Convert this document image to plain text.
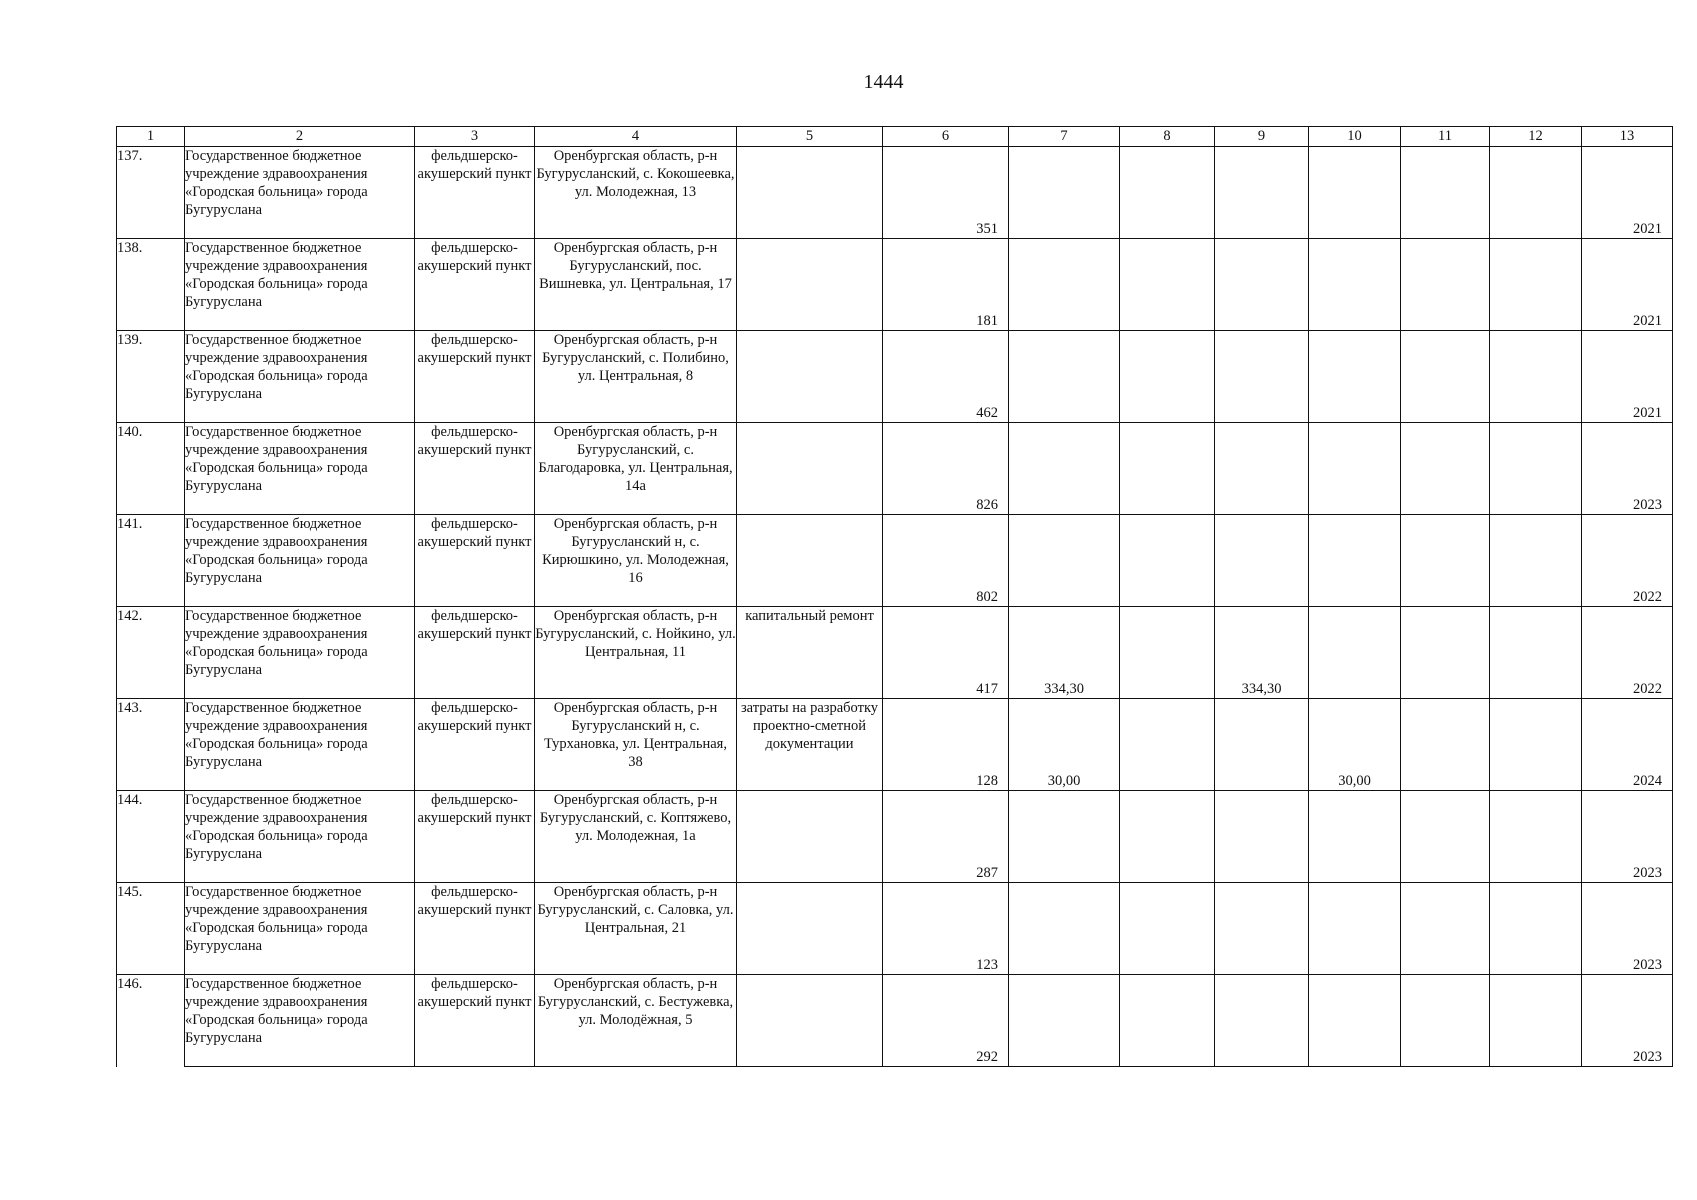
1444
1	2	3	4	5	6	7	8	9	10	11	12	13
137.	Государственное бюджетное учреждение здравоохранения «Городская больница» города Бугуруслана	фельдшерско-акушерский пункт	Оренбургская область, р-н Бугурусланский, с. Кокошеевка, ул. Молодежная, 13		351							2021

138.	Государственное бюджетное учреждение здравоохранения «Городская больница» города Бугуруслана	фельдшерско-акушерский пункт	Оренбургская область, р-н Бугурусланский, пос. Вишневка, ул. Центральная, 17		181							2021

139.	Государственное бюджетное учреждение здравоохранения «Городская больница» города Бугуруслана	фельдшерско-акушерский пункт	Оренбургская область, р-н Бугурусланский, с. Полибино, ул. Центральная, 8		462							2021

140.	Государственное бюджетное учреждение здравоохранения «Городская больница» города Бугуруслана	фельдшерско-акушерский пункт	Оренбургская область, р-н Бугурусланский, с. Благодаровка, ул. Центральная, 14а		826							2023

141.	Государственное бюджетное учреждение здравоохранения «Городская больница» города Бугуруслана	фельдшерско-акушерский пункт	Оренбургская область, р-н Бугурусланский н, с. Кирюшкино, ул. Молодежная, 16		802							2022

142.	Государственное бюджетное учреждение здравоохранения «Городская больница» города Бугуруслана	фельдшерско-акушерский пункт	Оренбургская область, р-н Бугурусланский, с. Нойкино, ул. Центральная, 11	капитальный ремонт	417	334,30		334,30				2022

143.	Государственное бюджетное учреждение здравоохранения «Городская больница» города Бугуруслана	фельдшерско-акушерский пункт	Оренбургская область, р-н Бугурусланский н, с. Турхановка, ул. Центральная, 38	затраты на разработку проектно-сметной документации	128	30,00			30,00			2024

144.	Государственное бюджетное учреждение здравоохранения «Городская больница» города Бугуруслана	фельдшерско-акушерский пункт	Оренбургская область, р-н Бугурусланский, с. Коптяжево, ул. Молодежная, 1а		287							2023

145.	Государственное бюджетное учреждение здравоохранения «Городская больница» города Бугуруслана	фельдшерско-акушерский пункт	Оренбургская область, р-н Бугурусланский, с. Саловка, ул. Центральная, 21		123							2023

146.	Государственное бюджетное учреждение здравоохранения «Городская больница» города Бугуруслана	фельдшерско-акушерский пункт	Оренбургская область, р-н Бугурусланский, с. Бестужевка, ул. Молодёжная, 5		292							2023
